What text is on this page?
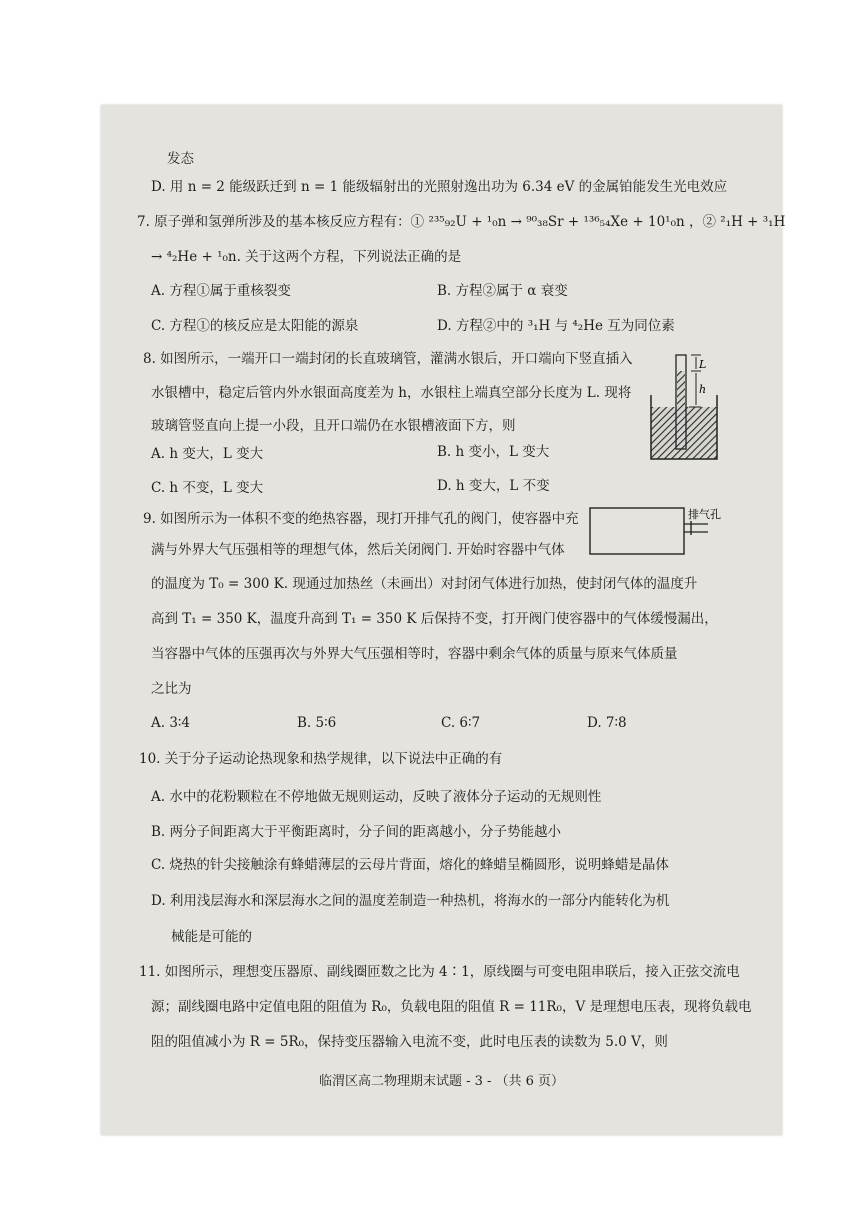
发态
D. 用 n = 2 能级跃迁到 n = 1 能级辐射出的光照射逸出功为 6.34 eV 的金属铂能发生光电效应
7. 原子弹和氢弹所涉及的基本核反应方程有：① ²³⁵₉₂U + ¹₀n → ⁹⁰₃₈Sr + ¹³⁶₅₄Xe + 10¹₀n ，② ²₁H + ³₁H
→ ⁴₂He + ¹₀n. 关于这两个方程，下列说法正确的是
A. 方程①属于重核裂变	B. 方程②属于 α 衰变
C. 方程①的核反应是太阳能的源泉	D. 方程②中的 ³₁H 与 ⁴₂He 互为同位素
8. 如图所示，一端开口一端封闭的长直玻璃管，灌满水银后，开口端向下竖直插入
水银槽中，稳定后管内外水银面高度差为 h，水银柱上端真空部分长度为 L. 现将
玻璃管竖直向上提一小段，且开口端仍在水银槽液面下方，则
A. h 变大，L 变大	B. h 变小，L 变大
C. h 不变，L 变大	D. h 变大，L 不变
L
h
9. 如图所示为一体积不变的绝热容器，现打开排气孔的阀门，使容器中充
满与外界大气压强相等的理想气体，然后关闭阀门. 开始时容器中气体
的温度为 T₀ = 300 K. 现通过加热丝（未画出）对封闭气体进行加热，使封闭气体的温度升
高到 T₁ = 350 K，温度升高到 T₁ = 350 K 后保持不变，打开阀门使容器中的气体缓慢漏出，
当容器中气体的压强再次与外界大气压强相等时，容器中剩余气体的质量与原来气体质量
之比为
A. 3∶4	B. 5∶6	C. 6∶7	D. 7∶8
排气孔
10. 关于分子运动论热现象和热学规律，以下说法中正确的有
A. 水中的花粉颗粒在不停地做无规则运动，反映了液体分子运动的无规则性
B. 两分子间距离大于平衡距离时，分子间的距离越小，分子势能越小
C. 烧热的针尖接触涂有蜂蜡薄层的云母片背面，熔化的蜂蜡呈椭圆形，说明蜂蜡是晶体
D. 利用浅层海水和深层海水之间的温度差制造一种热机，将海水的一部分内能转化为机
械能是可能的
11. 如图所示，理想变压器原、副线圈匝数之比为 4∶1，原线圈与可变电阻串联后，接入正弦交流电
源；副线圈电路中定值电阻的阻值为 R₀，负载电阻的阻值 R = 11R₀，V 是理想电压表，现将负载电
阻的阻值减小为 R = 5R₀，保持变压器输入电流不变，此时电压表的读数为 5.0 V，则
临渭区高二物理期末试题 - 3 - （共 6 页）
